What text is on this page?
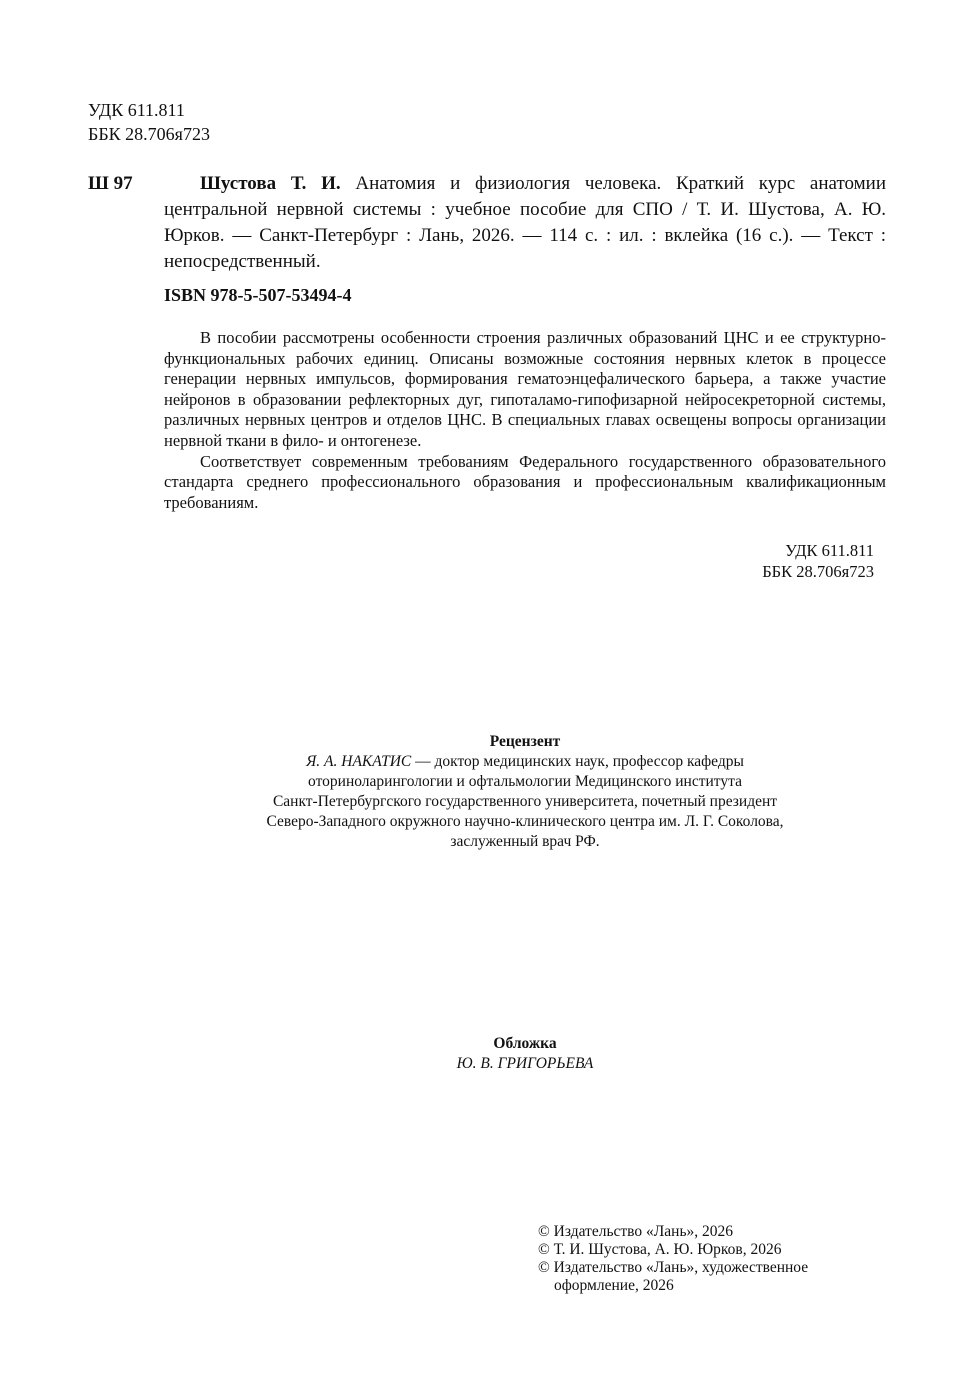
УДК 611.811
ББК 28.706я723
Ш 97	Шустова Т. И. Анатомия и физиология человека. Краткий курс анатомии центральной нервной системы : учебное пособие для СПО / Т. И. Шустова, А. Ю. Юрков. — Санкт-Петербург : Лань, 2026. — 114 с. : ил. : вклейка (16 с.). — Текст : непосредственный.
ISBN 978-5-507-53494-4

В пособии рассмотрены особенности строения различных образований ЦНС и ее структурно-функциональных рабочих единиц. Описаны возможные состояния нервных клеток в процессе генерации нервных импульсов, формирования гематоэнцефалического барьера, а также участие нейронов в образовании рефлекторных дуг, гипоталамо-гипофизарной нейросекреторной системы, различных нервных центров и отделов ЦНС. В специальных главах освещены вопросы организации нервной ткани в фило- и онтогенезе.

Соответствует современным требованиям Федерального государственного образовательного стандарта среднего профессионального образования и профессиональным квалификационным требованиям.

УДК 611.811
ББК 28.706я723
Рецензент
Я. А. НАКАТИС — доктор медицинских наук, профессор кафедры
оториноларингологии и офтальмологии Медицинского института
Санкт-Петербургского государственного университета, почетный президент
Северо-Западного окружного научно-клинического центра им. Л. Г. Соколова,
заслуженный врач РФ.
Обложка
Ю. В. ГРИГОРЬЕВА
© Издательство «Лань», 2026
© Т. И. Шустова, А. Ю. Юрков, 2026
© Издательство «Лань», художественное
оформление, 2026
